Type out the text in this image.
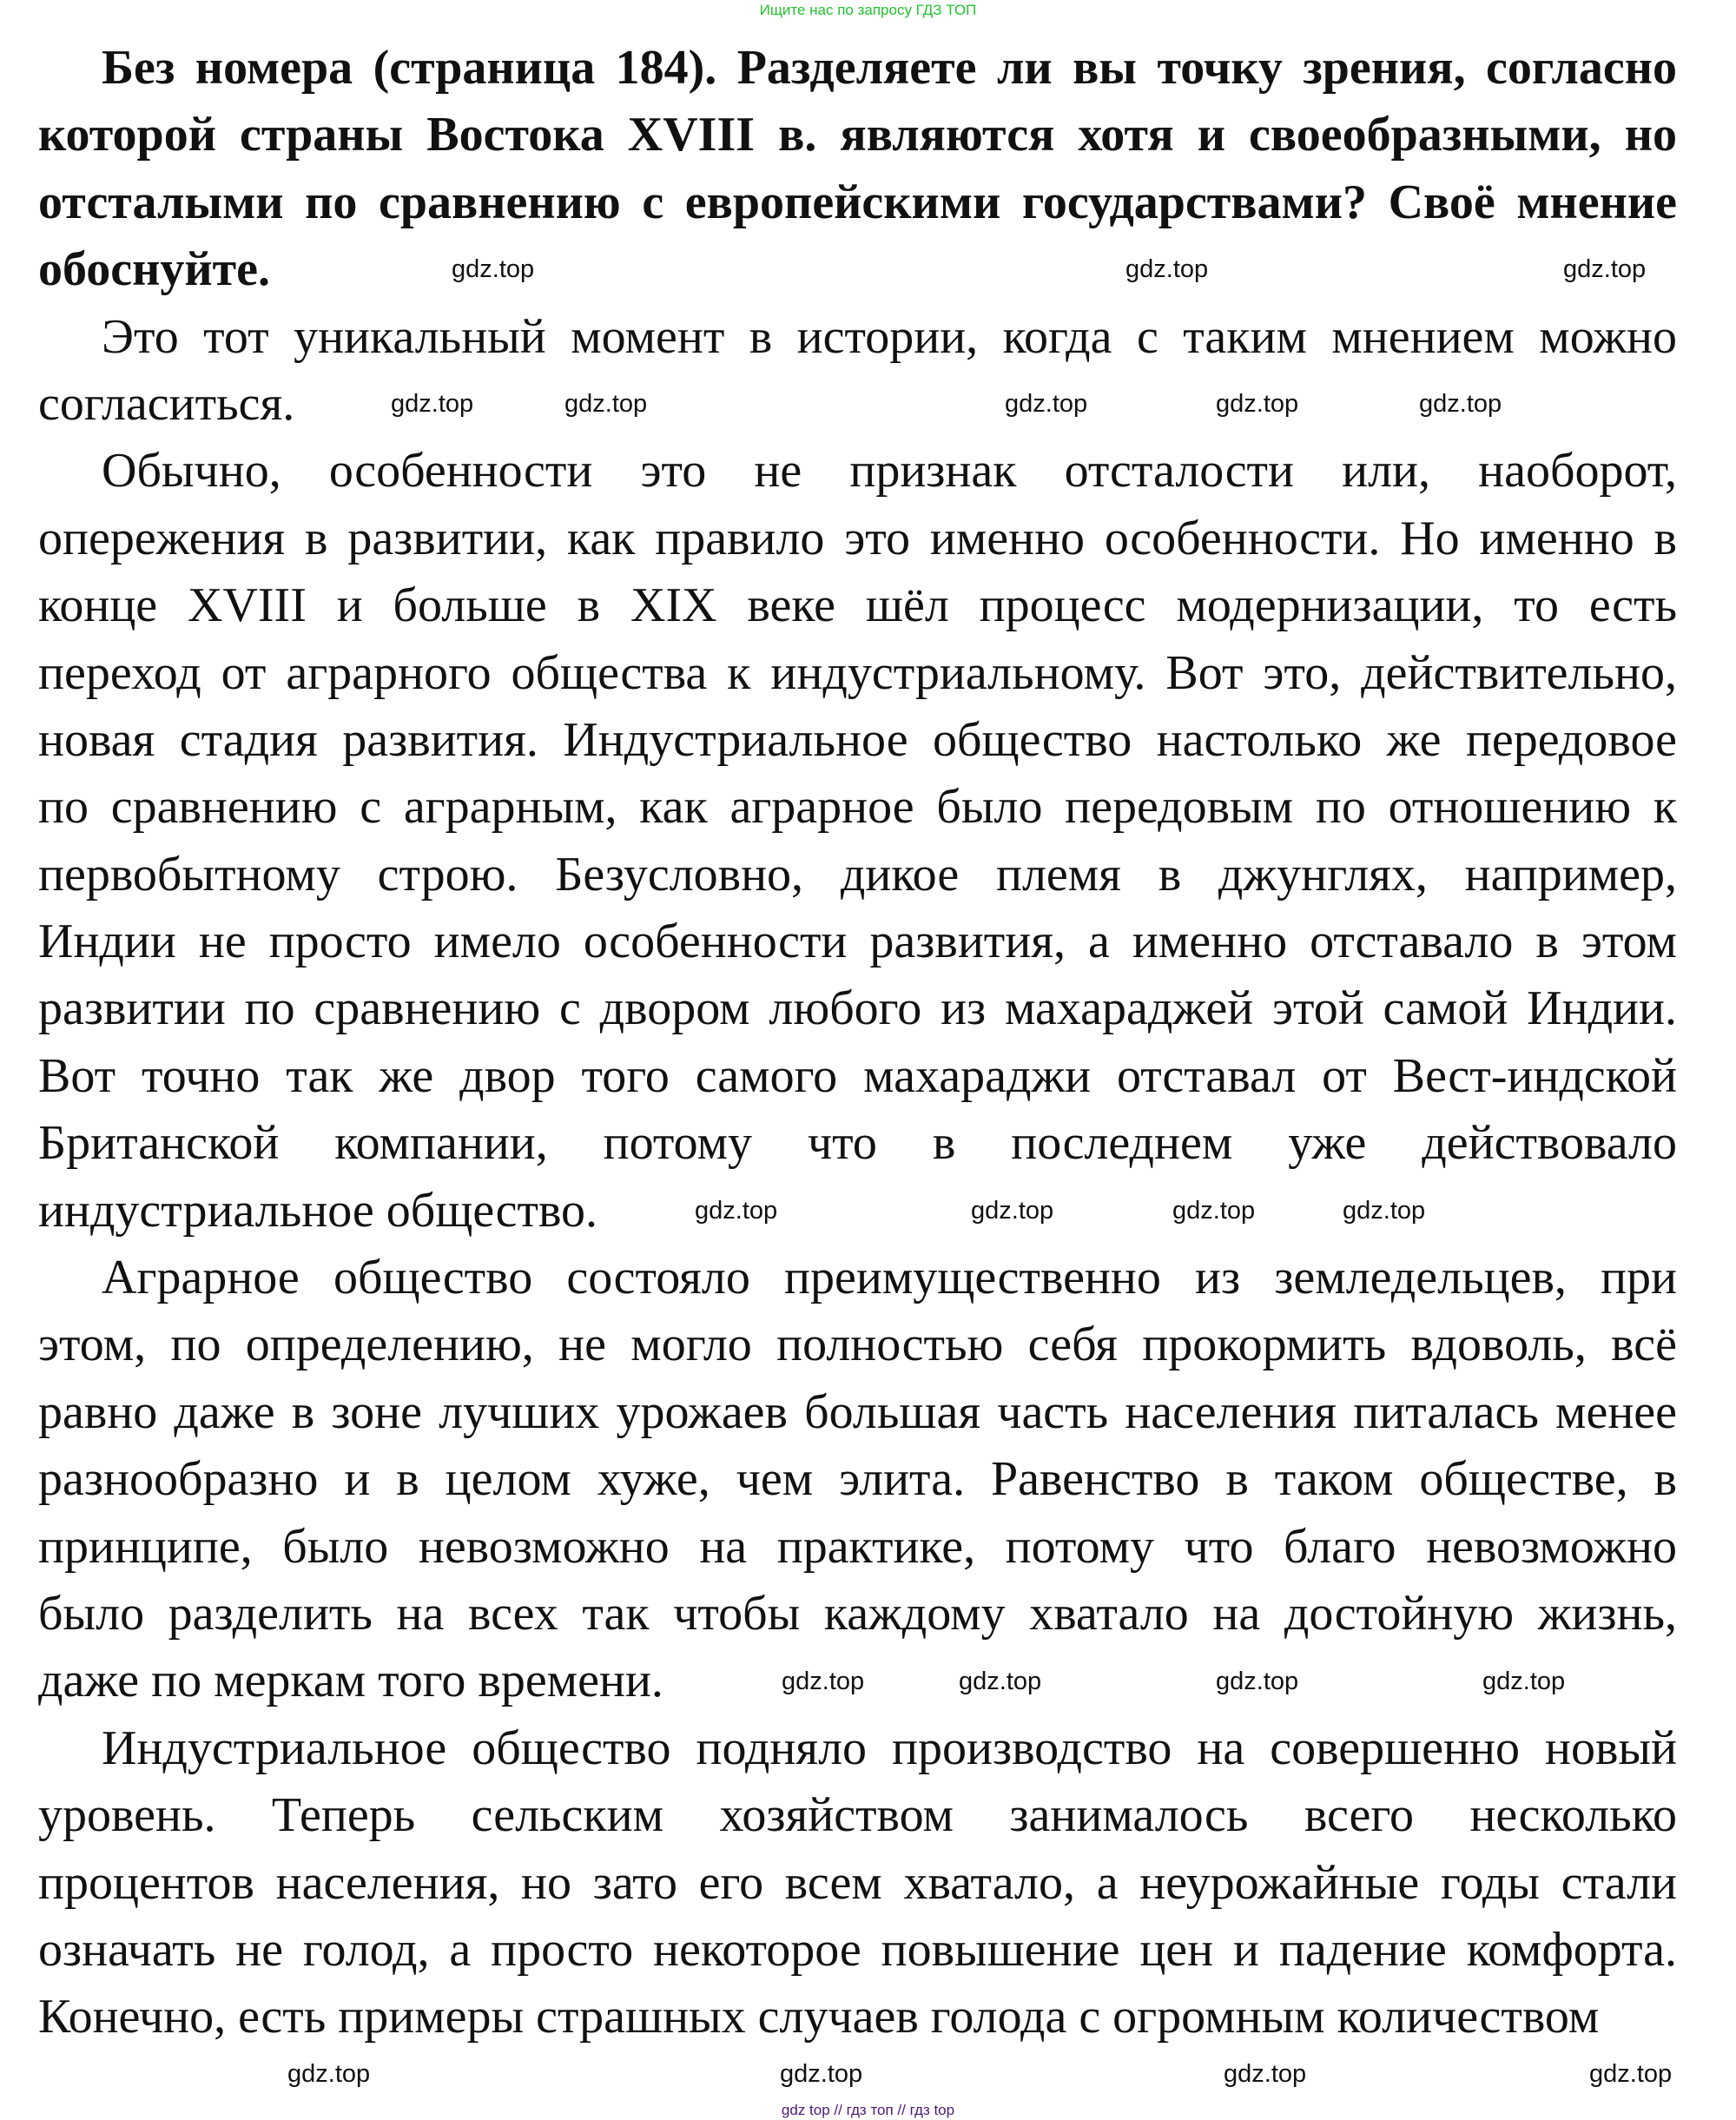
Ищите нас по запросу ГДЗ ТОП
Без номера (страница 184). Разделяете ли вы точку зрения, согласно
которой страны Востока XVIII в. являются хотя и своеобразными, но
отсталыми по сравнению с европейскими государствами? Своё мнение
обоснуйте.
Это тот уникальный момент в истории, когда с таким мнением можно
согласиться.
Обычно, особенности это не признак отсталости или, наоборот,
опережения в развитии, как правило это именно особенности. Но именно в
конце XVIII и больше в XIX веке шёл процесс модернизации, то есть
переход от аграрного общества к индустриальному. Вот это, действительно,
новая стадия развития. Индустриальное общество настолько же передовое
по сравнению с аграрным, как аграрное было передовым по отношению к
первобытному строю. Безусловно, дикое племя в джунглях, например,
Индии не просто имело особенности развития, а именно отставало в этом
развитии по сравнению с двором любого из махараджей этой самой Индии.
Вот точно так же двор того самого махараджи отставал от Вест-индской
Британской компании, потому что в последнем уже действовало
индустриальное общество.
Аграрное общество состояло преимущественно из земледельцев, при
этом, по определению, не могло полностью себя прокормить вдоволь, всё
равно даже в зоне лучших урожаев большая часть населения питалась менее
разнообразно и в целом хуже, чем элита. Равенство в таком обществе, в
принципе, было невозможно на практике, потому что благо невозможно
было разделить на всех так чтобы каждому хватало на достойную жизнь,
даже по меркам того времени.
Индустриальное общество подняло производство на совершенно новый
уровень. Теперь сельским хозяйством занималось всего несколько
процентов населения, но зато его всем хватало, а неурожайные годы стали
означать не голод, а просто некоторое повышение цен и падение комфорта.
Конечно, есть примеры страшных случаев голода с огромным количеством
gdz.top	gdz.top	gdz.top
gdz.top	gdz.top	gdz.top	gdz.top	gdz.top
gdz.top	gdz.top	gdz.top	gdz.top
gdz.top	gdz.top	gdz.top	gdz.top
gdz.top	gdz.top	gdz.top	gdz.top
gdz top // гдз топ // гдз top
